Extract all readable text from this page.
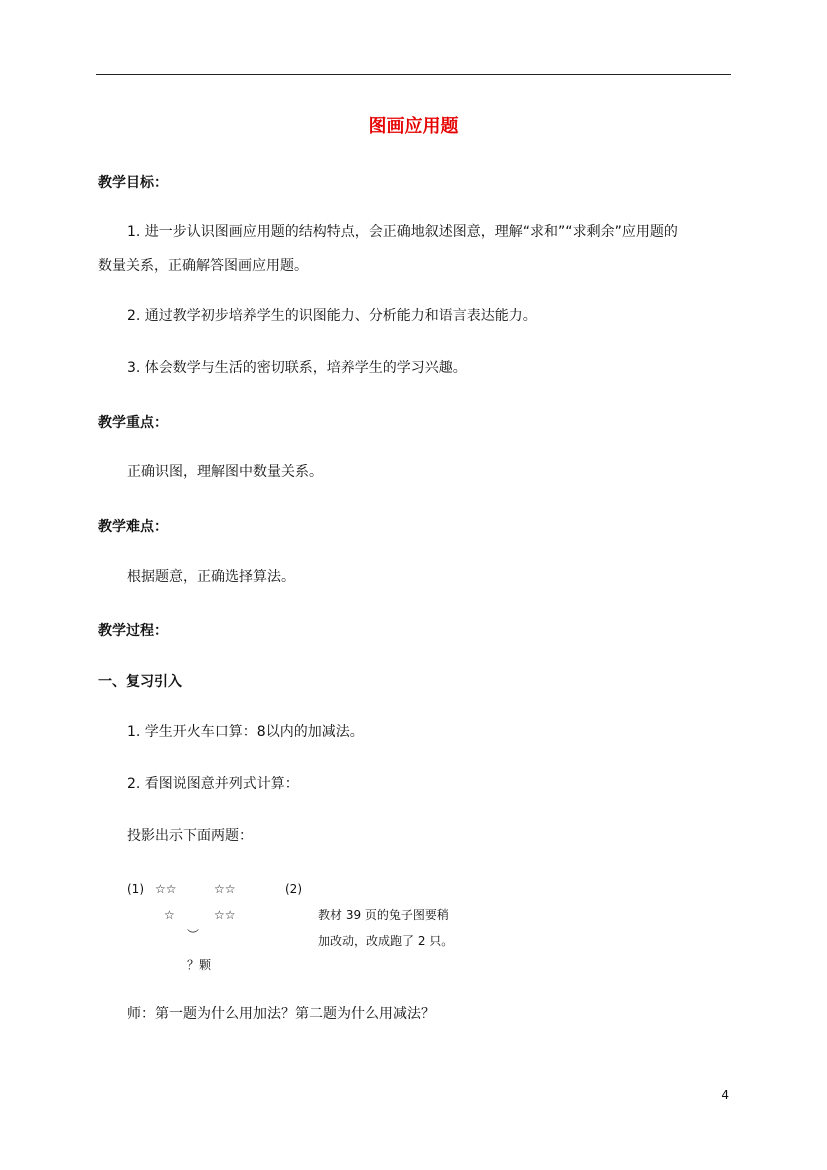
图画应用题
教学目标：
1. 进一步认识图画应用题的结构特点，会正确地叙述图意，理解“求和”“求剩余”应用题的
数量关系，正确解答图画应用题。
2. 通过教学初步培养学生的识图能力、分析能力和语言表达能力。
3. 体会数学与生活的密切联系，培养学生的学习兴趣。
教学重点：
正确识图，理解图中数量关系。
教学难点：
根据题意，正确选择算法。
教学过程：
一、复习引入
1. 学生开火车口算：8以内的加减法。
2. 看图说图意并列式计算：
投影出示下面两题：
(1) ☆☆	☆☆	(2)
☆	☆☆	教材 39 页的兔子图要稍
︶	加改动，改成跑了 2 只。
？颗
师：第一题为什么用加法？第二题为什么用减法？
4
